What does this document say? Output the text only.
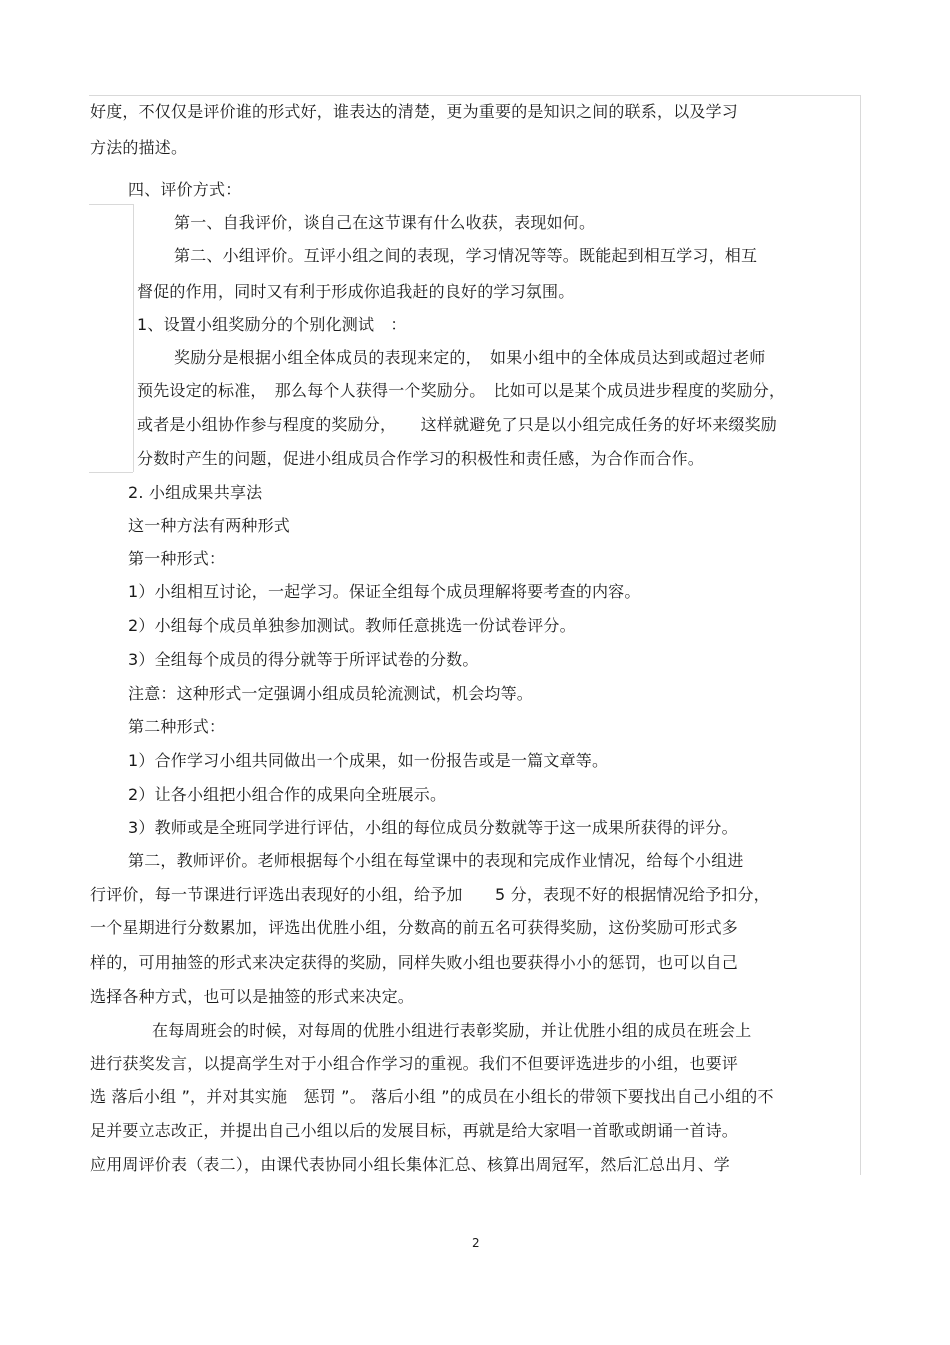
好度，不仅仅是评价谁的形式好，谁表达的清楚，更为重要的是知识之间的联系，以及学习
方法的描述。
四、评价方式：
第一、自我评价，谈自己在这节课有什么收获，表现如何。
第二、小组评价。互评小组之间的表现，学习情况等等。既能起到相互学习，相互
督促的作用，同时又有利于形成你追我赶的良好的学习氛围。
1、设置小组奖励分的个别化测试　：
奖励分是根据小组全体成员的表现来定的，　如果小组中的全体成员达到或超过老师
预先设定的标准，　那么每个人获得一个奖励分。　比如可以是某个成员进步程度的奖励分，
或者是小组协作参与程度的奖励分，　　这样就避免了只是以小组完成任务的好坏来缀奖励
分数时产生的问题，促进小组成员合作学习的积极性和责任感，为合作而合作。
2. 小组成果共享法
这一种方法有两种形式
第一种形式：
1）小组相互讨论，一起学习。保证全组每个成员理解将要考查的内容。
2）小组每个成员单独参加测试。教师任意挑选一份试卷评分。
3）全组每个成员的得分就等于所评试卷的分数。
注意：这种形式一定强调小组成员轮流测试，机会均等。
第二种形式：
1）合作学习小组共同做出一个成果，如一份报告或是一篇文章等。
2）让各小组把小组合作的成果向全班展示。
3）教师或是全班同学进行评估，小组的每位成员分数就等于这一成果所获得的评分。
第二，教师评价。老师根据每个小组在每堂课中的表现和完成作业情况，给每个小组进
行评价，每一节课进行评选出表现好的小组，给予加　　5 分，表现不好的根据情况给予扣分，
一个星期进行分数累加，评选出优胜小组，分数高的前五名可获得奖励，这份奖励可形式多
样的，可用抽签的形式来决定获得的奖励，同样失败小组也要获得小小的惩罚，也可以自己
选择各种方式，也可以是抽签的形式来决定。
在每周班会的时候，对每周的优胜小组进行表彰奖励，并让优胜小组的成员在班会上
进行获奖发言，以提高学生对于小组合作学习的重视。我们不但要评选进步的小组，也要评
选 落后小组 ”，并对其实施　惩罚 ”。 落后小组 ”的成员在小组长的带领下要找出自己小组的不
足并要立志改正，并提出自己小组以后的发展目标，再就是给大家唱一首歌或朗诵一首诗。
应用周评价表（表二），由课代表协同小组长集体汇总、核算出周冠军，然后汇总出月、学
2
